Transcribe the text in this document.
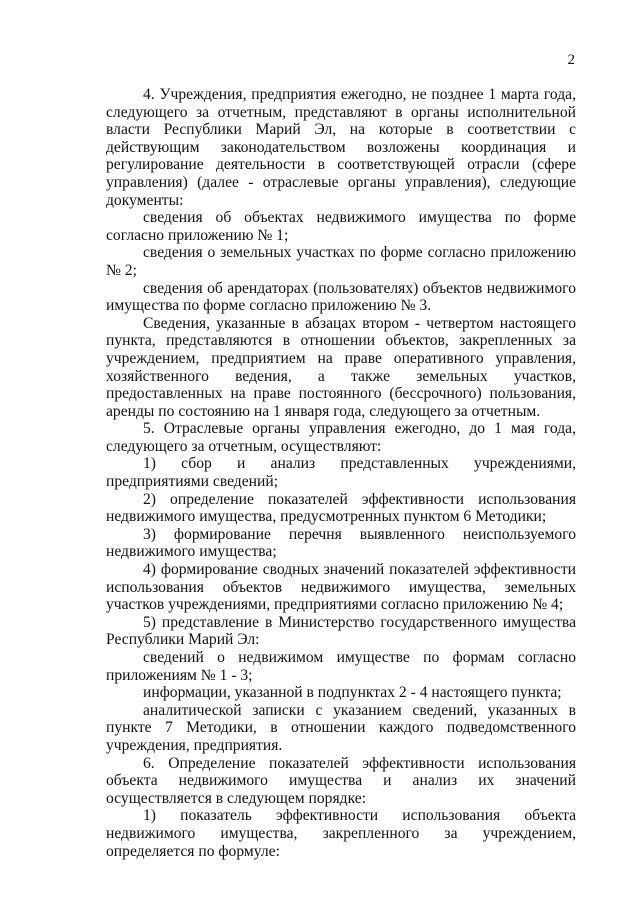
2

4. Учреждения, предприятия ежегодно, не позднее 1 марта года, следующего за отчетным, представляют в органы исполнительной власти Республики Марий Эл, на которые в соответствии с действующим законодательством возложены координация и регулирование деятельности в соответствующей отрасли (сфере управления) (далее - отраслевые органы управления), следующие документы:

сведения об объектах недвижимого имущества по форме согласно приложению № 1;

сведения о земельных участках по форме согласно приложению № 2;

сведения об арендаторах (пользователях) объектов недвижимого имущества по форме согласно приложению № 3.

Сведения, указанные в абзацах втором - четвертом настоящего пункта, представляются в отношении объектов, закрепленных за учреждением, предприятием на праве оперативного управления, хозяйственного ведения, а также земельных участков, предоставленных на праве постоянного (бессрочного) пользования, аренды по состоянию на 1 января года, следующего за отчетным.

5. Отраслевые органы управления ежегодно, до 1 мая года, следующего за отчетным, осуществляют:

1) сбор и анализ представленных учреждениями, предприятиями сведений;

2) определение показателей эффективности использования недвижимого имущества, предусмотренных пунктом 6 Методики;

3) формирование перечня выявленного неиспользуемого недвижимого имущества;

4) формирование сводных значений показателей эффективности использования объектов недвижимого имущества, земельных участков учреждениями, предприятиями согласно приложению № 4;

5) представление в Министерство государственного имущества Республики Марий Эл:

сведений о недвижимом имуществе по формам согласно приложениям № 1 - 3;

информации, указанной в подпунктах 2 - 4 настоящего пункта;

аналитической записки с указанием сведений, указанных в пункте 7 Методики, в отношении каждого подведомственного учреждения, предприятия.

6. Определение показателей эффективности использования объекта недвижимого имущества и анализ их значений осуществляется в следующем порядке:

1) показатель эффективности использования объекта недвижимого имущества, закрепленного за учреждением, определяется по формуле:
